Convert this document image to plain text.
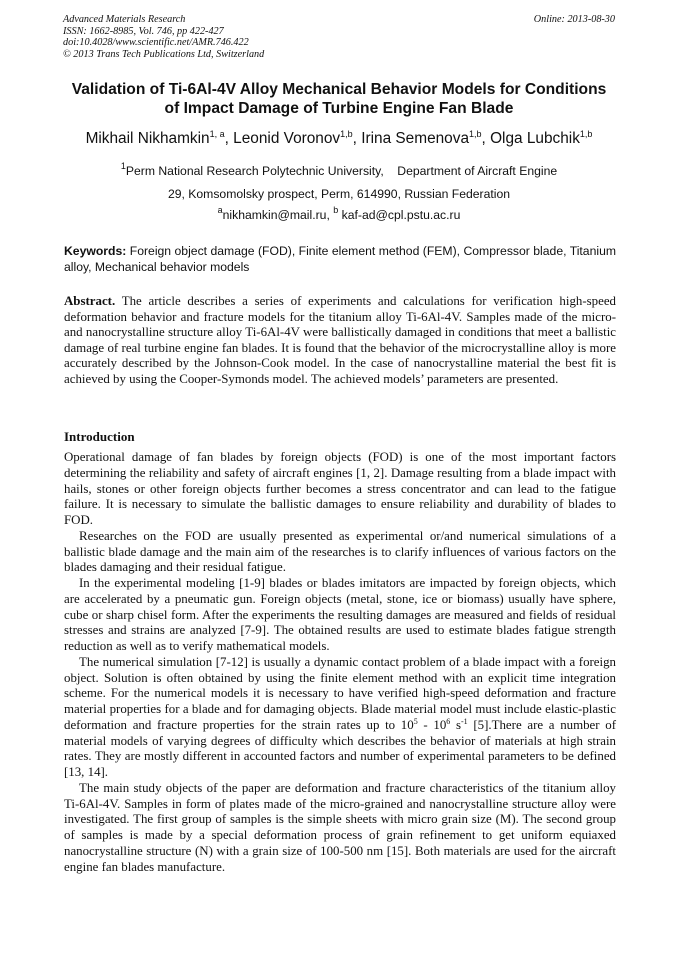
Advanced Materials Research
ISSN: 1662-8985, Vol. 746, pp 422-427
doi:10.4028/www.scientific.net/AMR.746.422
© 2013 Trans Tech Publications Ltd, Switzerland
Online: 2013-08-30
Validation of Ti-6Al-4V Alloy Mechanical Behavior Models for Conditions
of Impact Damage of Turbine Engine Fan Blade
Mikhail Nikhamkin$^{1, a}$, Leonid Voronov$^{1,b}$, Irina Semenova$^{1,b}$, Olga Lubchik$^{1,b}$
$^1$Perm National Research Polytechnic University, Department of Aircraft Engine
29, Komsomolsky prospect, Perm, 614990, Russian Federation
$^a$nikhamkin@mail.ru, $^b$ kaf-ad@cpl.pstu.ac.ru
Keywords: Foreign object damage (FOD), Finite element method (FEM), Compressor blade, Titanium alloy, Mechanical behavior models
Abstract. The article describes a series of experiments and calculations for verification high-speed deformation behavior and fracture models for the titanium alloy Ti-6Al-4V. Samples made of the micro- and nanocrystalline structure alloy Ti-6Al-4V were ballistically damaged in conditions that meet a ballistic damage of real turbine engine fan blades. It is found that the behavior of the microcrystalline alloy is more accurately described by the Johnson-Cook model. In the case of nanocrystalline material the best fit is achieved by using the Cooper-Symonds model. The achieved models’ parameters are presented.
Introduction

Operational damage of fan blades by foreign objects (FOD) is one of the most important factors determining the reliability and safety of aircraft engines [1, 2]. Damage resulting from a blade impact with hails, stones or other foreign objects further becomes a stress concentrator and can lead to the fatigue failure. It is necessary to simulate the ballistic damages to ensure reliability and durability of blades to FOD.

Researches on the FOD are usually presented as experimental or/and numerical simulations of a ballistic blade damage and the main aim of the researches is to clarify influences of various factors on the blades damaging and their residual fatigue.

In the experimental modeling [1-9] blades or blades imitators are impacted by foreign objects, which are accelerated by a pneumatic gun. Foreign objects (metal, stone, ice or biomass) usually have sphere, cube or sharp chisel form. After the experiments the resulting damages are measured and fields of residual stresses and strains are analyzed [7-9]. The obtained results are used to estimate blades fatigue strength reduction as well as to verify mathematical models.

The numerical simulation [7-12] is usually a dynamic contact problem of a blade impact with a foreign object. Solution is often obtained by using the finite element method with an explicit time integration scheme. For the numerical models it is necessary to have verified high-speed deformation and fracture material properties for a blade and for damaging objects. Blade material model must include elastic-plastic deformation and fracture properties for the strain rates up to $10^5 - 10^6$ $s^{-1}$ [5].There are a number of material models of varying degrees of difficulty which describes the behavior of materials at high strain rates. They are mostly different in accounted factors and number of experimental parameters to be defined [13, 14].

The main study objects of the paper are deformation and fracture characteristics of the titanium alloy Ti-6Al-4V. Samples in form of plates made of the micro-grained and nanocrystalline structure alloy were investigated. The first group of samples is the simple sheets with micro grain size (M). The second group of samples is made by a special deformation process of grain refinement to get uniform equiaxed nanocrystalline structure (N) with a grain size of 100-500 nm [15]. Both materials are used for the aircraft engine fan blades manufacture.
